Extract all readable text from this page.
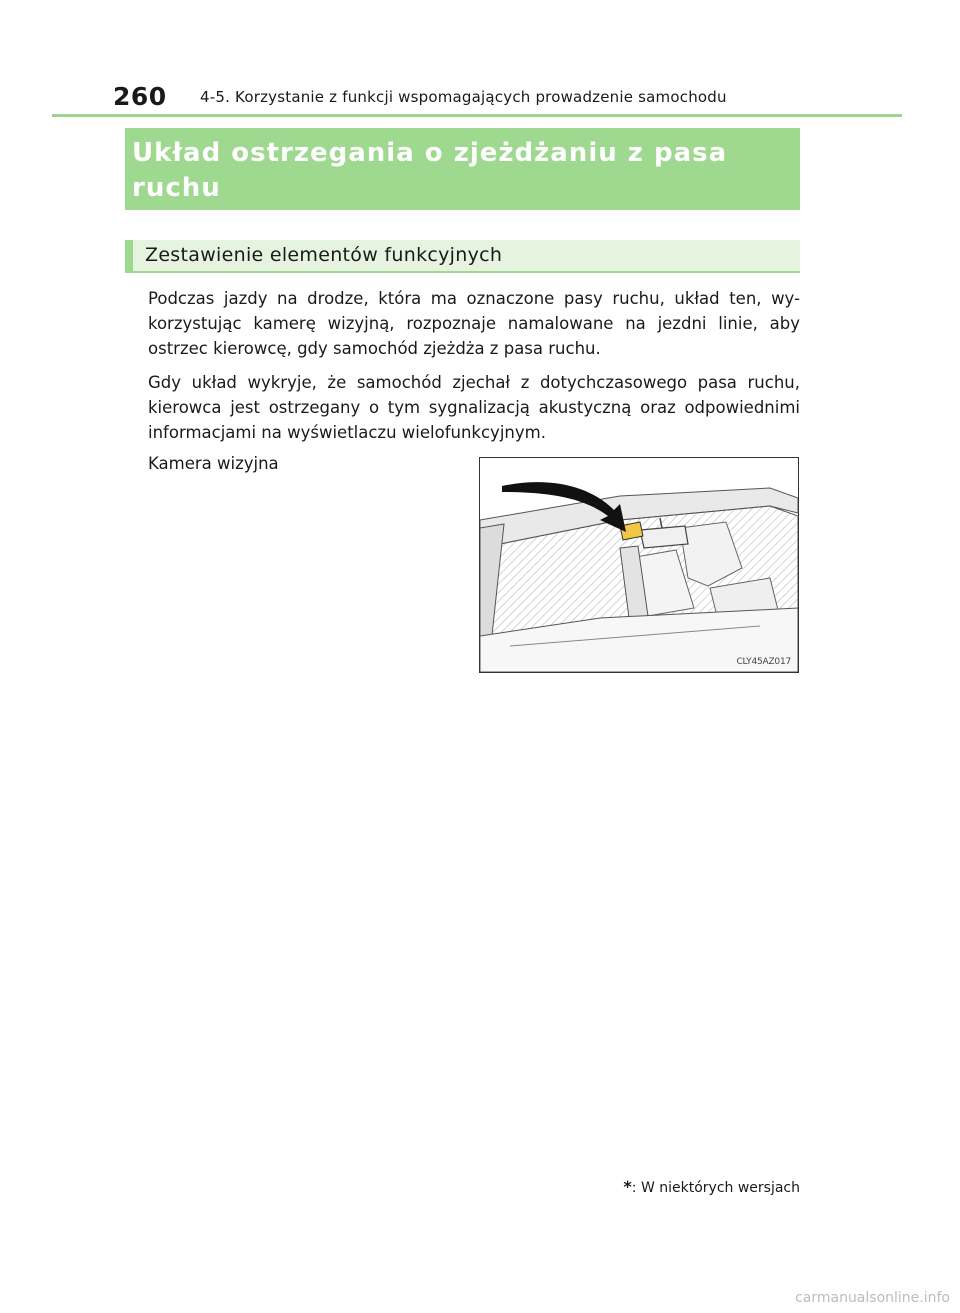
260 4-5. Korzystanie z funkcji wspomagających prowadzenie samochodu
Układ ostrzegania o zjeżdżaniu z pasa ruchu
(LDA) *
Zestawienie elementów funkcyjnych
Podczas jazdy na drodze, która ma oznaczone pasy ruchu, układ ten, wy- korzystując kamerę wizyjną, rozpoznaje namalowane na jezdni linie, aby ostrzec kierowcę, gdy samochód zjeżdża z pasa ruchu.
Gdy układ wykryje, że samochód zjechał z dotychczasowego pasa ruchu, kierowca jest ostrzegany o tym sygnalizacją akustyczną oraz odpowiednimi informacjami na wyświetlaczu wielofunkcyjnym.
Kamera wizyjna
CLY45AZ017
*: W niektórych wersjach
carmanualsonline.info
